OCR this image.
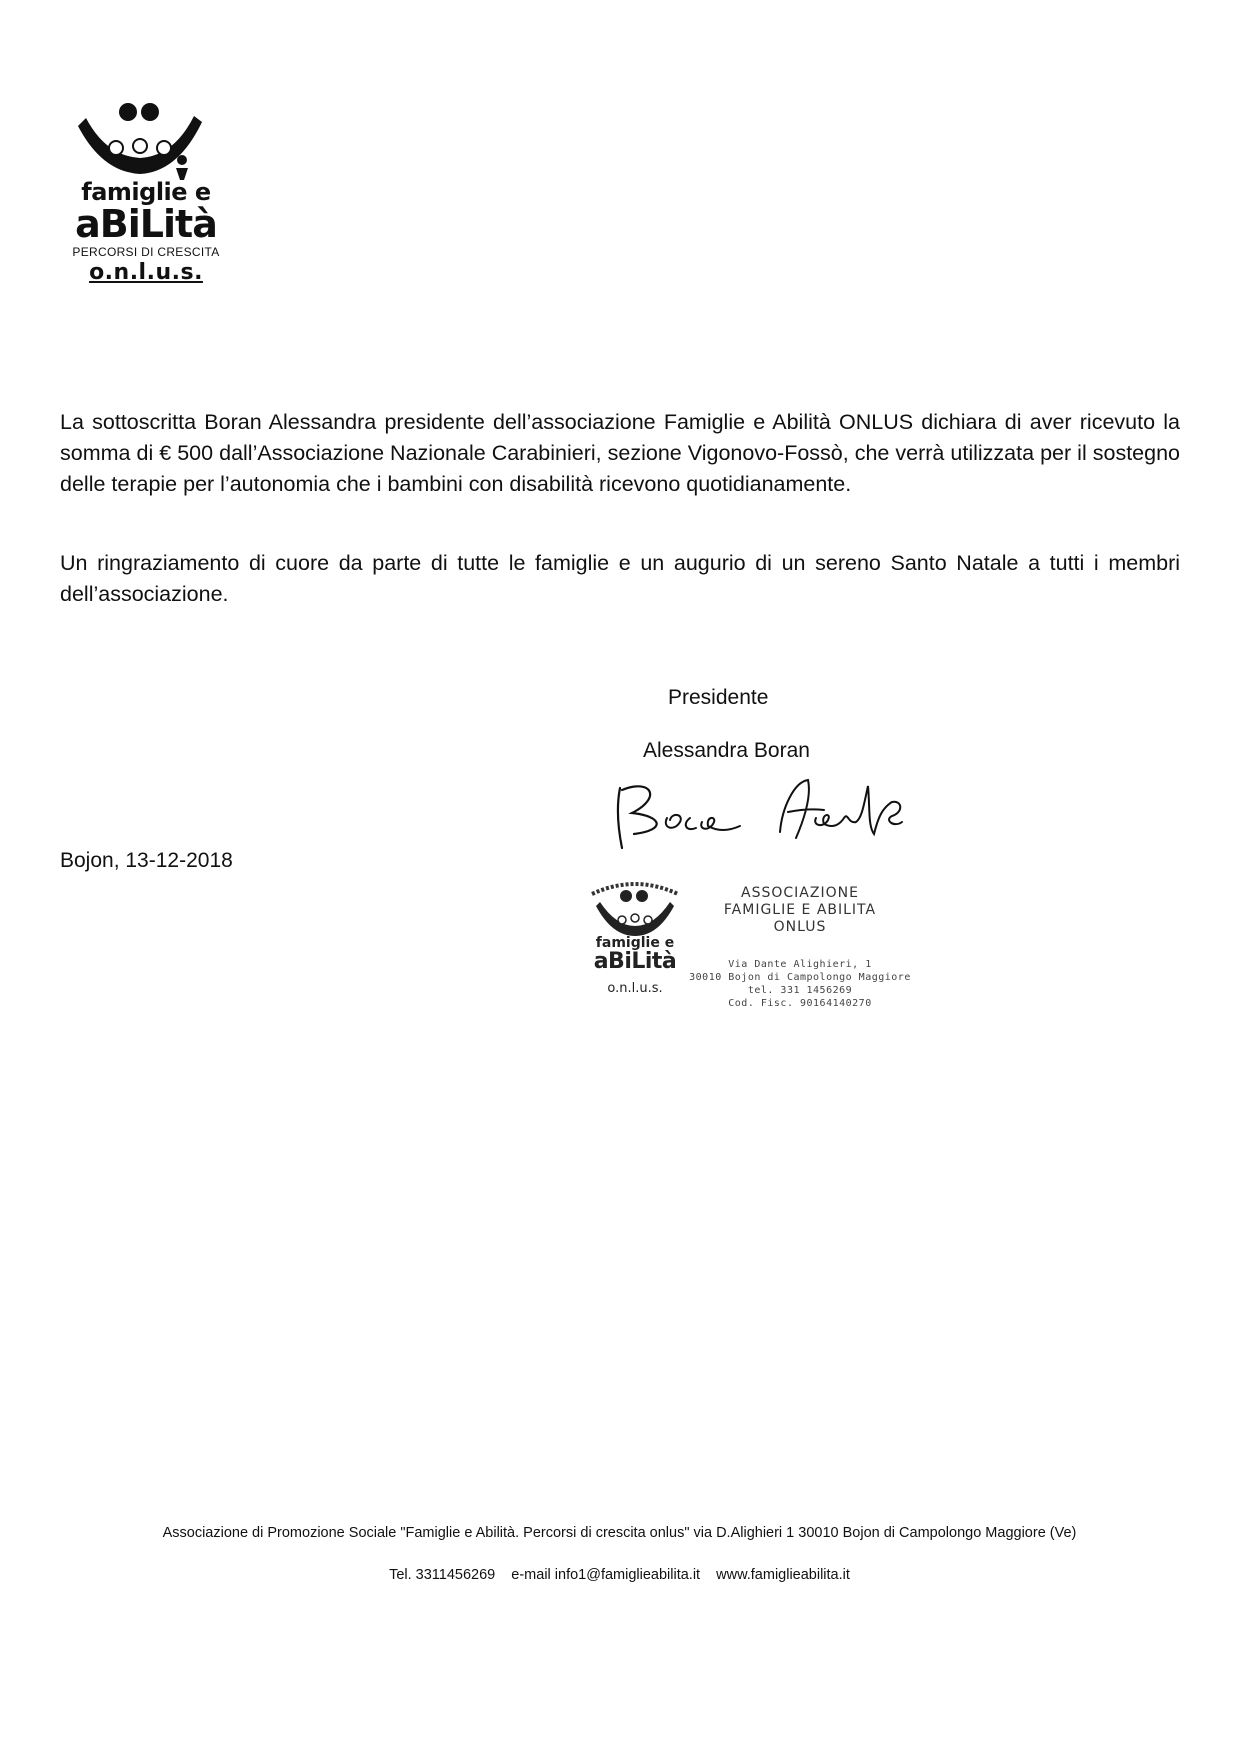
famiglie e
aBiLità
PERCORSI DI CRESCITA
o.n.l.u.s.
La sottoscritta Boran Alessandra presidente dell’associazione Famiglie e Abilità ONLUS dichiara di aver ricevuto la somma di € 500 dall’Associazione Nazionale Carabinieri, sezione Vigonovo-Fossò, che verrà utilizzata per il sostegno delle terapie per l’autonomia che i bambini con disabilità ricevono quotidianamente.
Un ringraziamento di cuore da parte di tutte le famiglie e un augurio di un sereno Santo Natale a tutti i membri dell’associazione.
Presidente
Alessandra Boran
Bojon, 13-12-2018
famiglie e
aBiLità
o.n.l.u.s.
ASSOCIAZIONE
FAMIGLIE E ABILITA
ONLUS
Via Dante Alighieri, 1
30010 Bojon di Campolongo Maggiore
tel. 331 1456269
Cod. Fisc. 90164140270
Associazione di Promozione Sociale "Famiglie e Abilità. Percorsi di crescita onlus" via D.Alighieri 1 30010 Bojon di Campolongo Maggiore (Ve)
Tel. 3311456269 e-mail info1@famiglieabilita.it www.famiglieabilita.it
